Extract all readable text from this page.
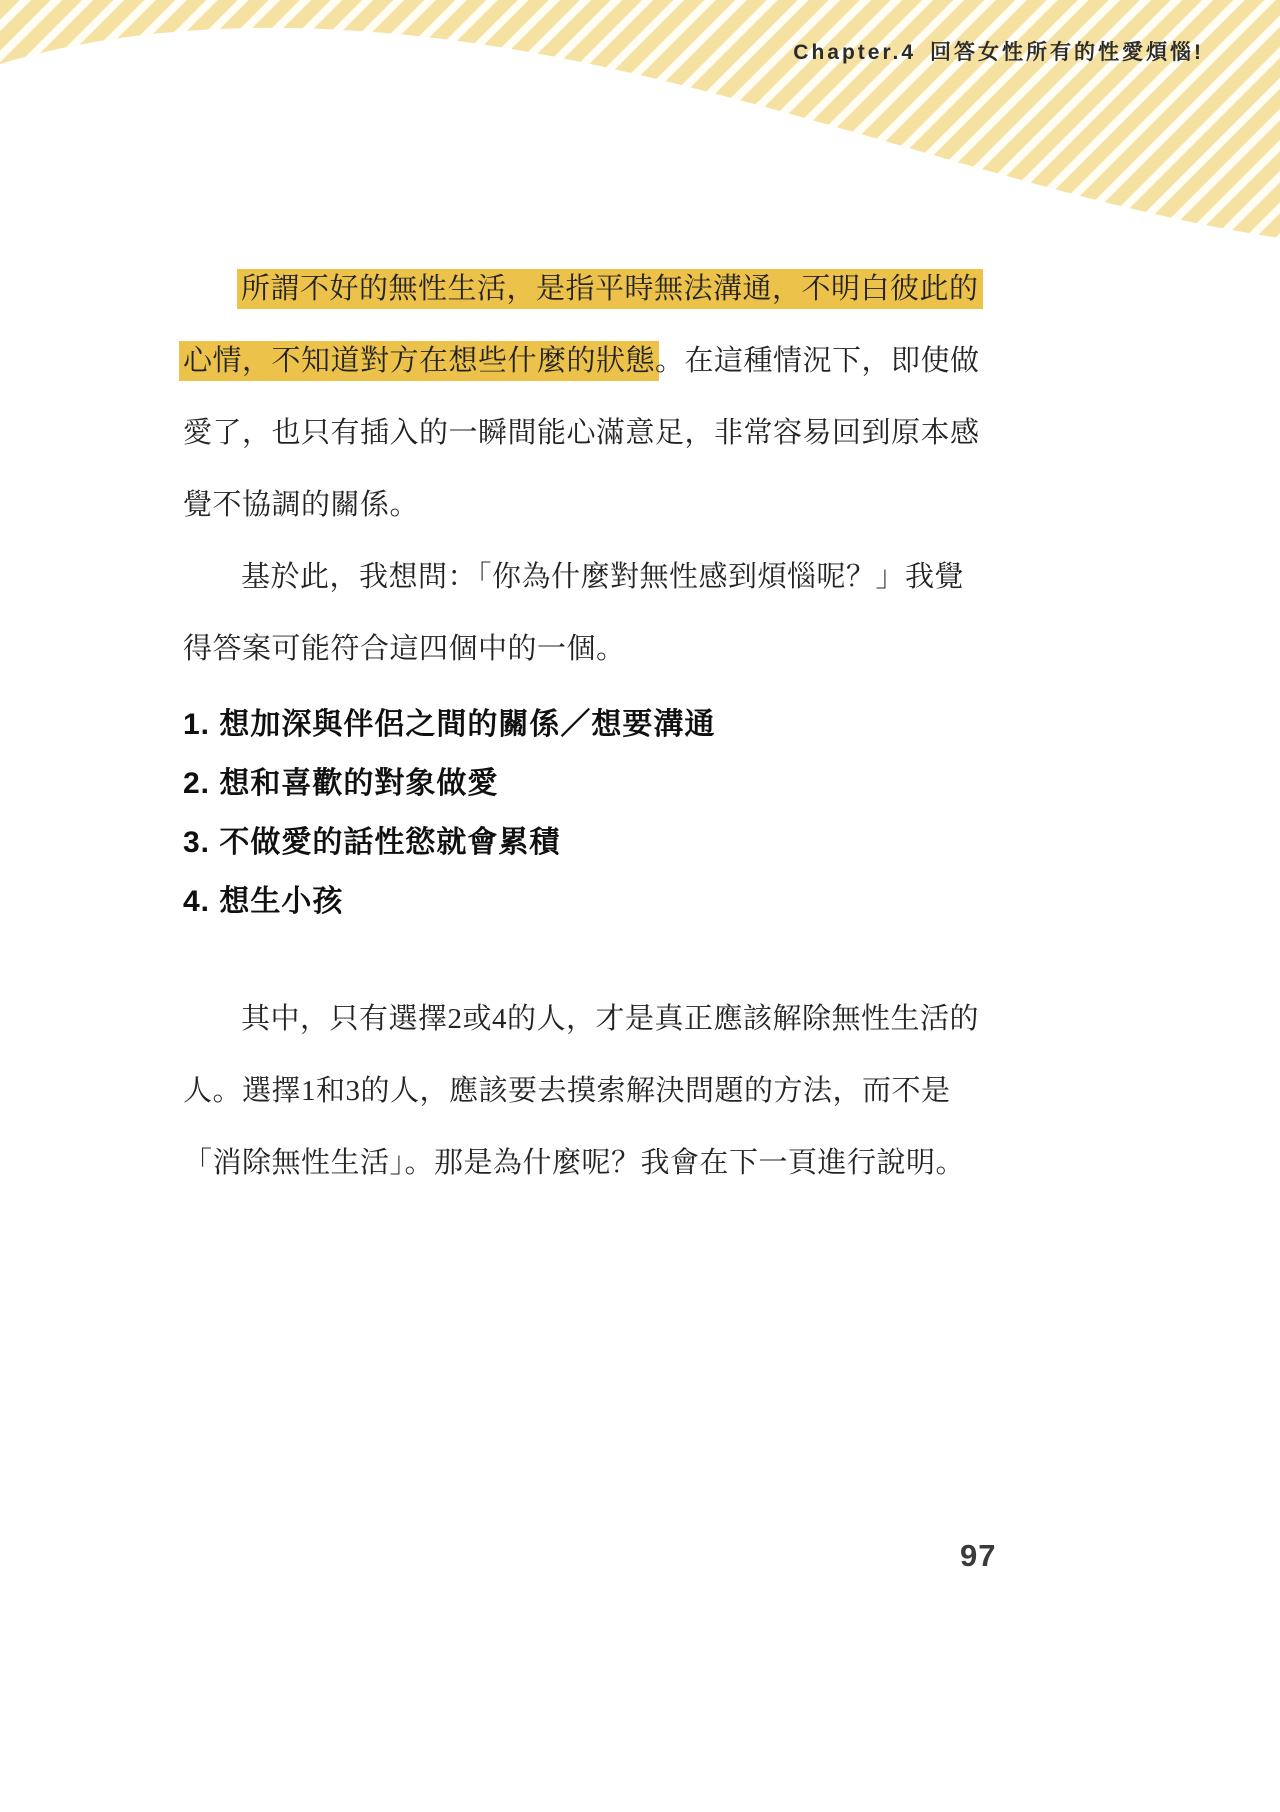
Chapter.4 回答女性所有的性愛煩惱!
所謂不好的無性生活，是指平時無法溝通，不明白彼此的
心情，不知道對方在想些什麼的狀態。在這種情況下，即使做
愛了，也只有插入的一瞬間能心滿意足，非常容易回到原本感
覺不協調的關係。
基於此，我想問：「你為什麼對無性感到煩惱呢？」我覺
得答案可能符合這四個中的一個。
1. 想加深與伴侶之間的關係／想要溝通
2. 想和喜歡的對象做愛
3. 不做愛的話性慾就會累積
4. 想生小孩
其中，只有選擇2或4的人，才是真正應該解除無性生活的
人。選擇1和3的人，應該要去摸索解決問題的方法，而不是
「消除無性生活」。那是為什麼呢？我會在下一頁進行說明。
97
